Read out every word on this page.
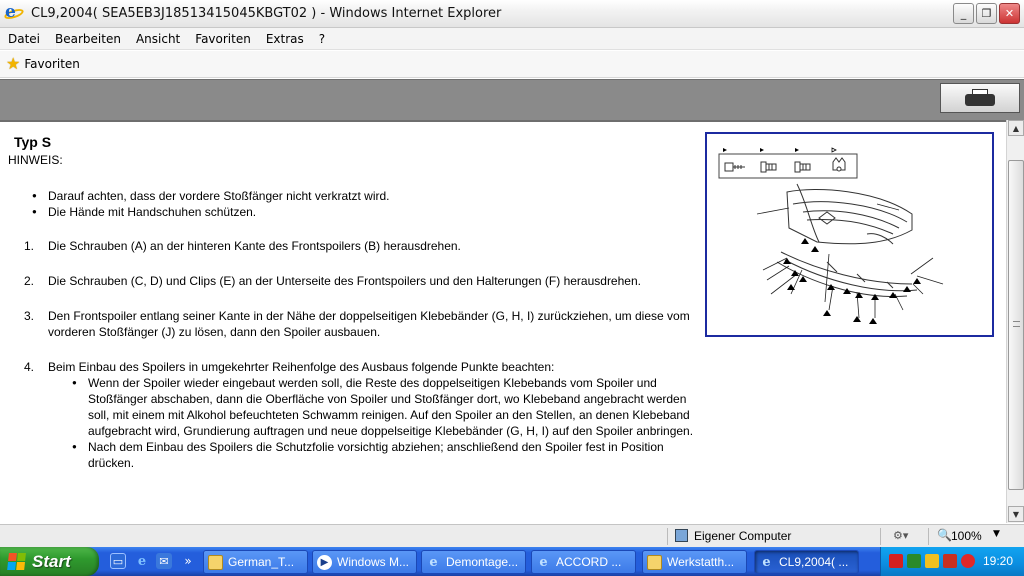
e CL9,2004( SEA5EB3J18513415045KBGT02 ) - Windows Internet Explorer	_	❐	✕
Datei	Bearbeiten	Ansicht	Favoriten	Extras	?
★ Favoriten
Typ S
HINWEIS:
● Darauf achten, dass der vordere Stoßfänger nicht verkratzt wird.
● Die Hände mit Handschuhen schützen.
1.	Die Schrauben (A) an der hinteren Kante des Frontspoilers (B) herausdrehen.
2.	Die Schrauben (C, D) und Clips (E) an der Unterseite des Frontspoilers und den Halterungen (F) herausdrehen.
3.	Den Frontspoiler entlang seiner Kante in der Nähe der doppelseitigen Klebebänder (G, H, I) zurückziehen, um diese vom vorderen Stoßfänger (J) zu lösen, dann den Spoiler ausbauen.
4.	Beim Einbau des Spoilers in umgekehrter Reihenfolge des Ausbaus folgende Punkte beachten:
● Wenn der Spoiler wieder eingebaut werden soll, die Reste des doppelseitigen Klebebands vom Spoiler und Stoßfänger abschaben, dann die Oberfläche von Spoiler und Stoßfänger dort, wo Klebeband angebracht werden soll, mit einem mit Alkohol befeuchteten Schwamm reinigen. Auf den Spoiler an den Stellen, an denen Klebeband aufgebracht wird, Grundierung auftragen und neue doppelseitige Klebebänder (G, H, I) auf den Spoiler anbringen.
● Nach dem Einbau des Spoilers die Schutzfolie vorsichtig abziehen; anschließend den Spoiler fest in Position drücken.
▲
▼
Eigener Computer	⚙▾ 🔍 100% ▼
Start	▭ e	✉	»	German_T...	▶ Windows M... e Demontage... e ACCORD ...	Werkstatth... e CL9,2004( ...	19:20
